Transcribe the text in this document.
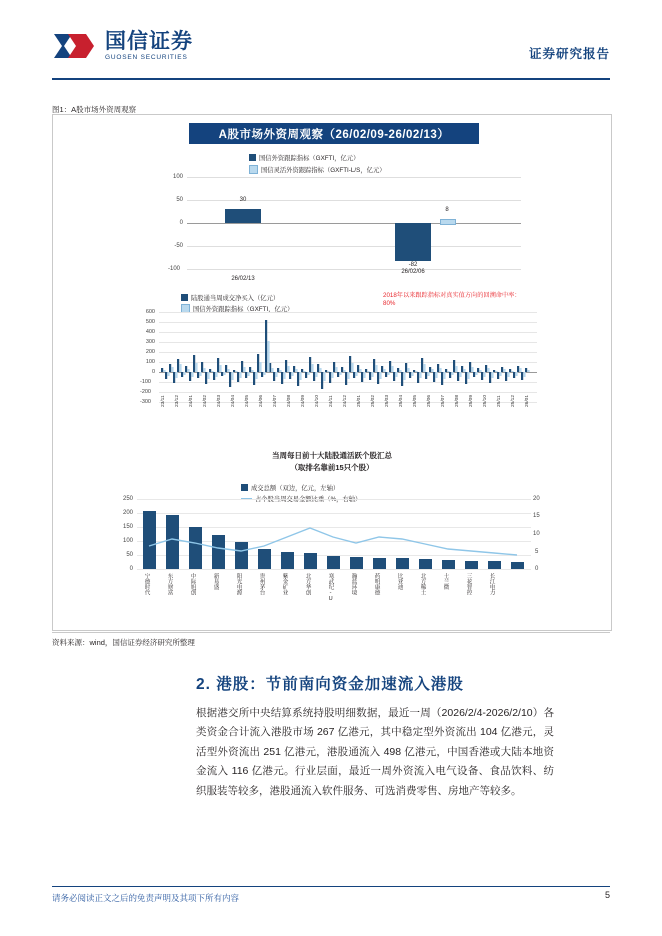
国信证券
GUOSEN SECURITIES	证券研究报告
图1：A股市场外资周观察
A股市场外资周观察（26/02/09-26/02/13）
国信外资跟踪指标（GXFTI，亿元）
国信灵活外资跟踪指标（GXFTI-L/S，亿元）
100
50
0
-50
-100
30
26/02/13
-82
8
26/02/06
陆股通当周成交净买入（亿元）
国信外资跟踪指标（GXFTI，亿元）
2018年以来跟踪指标对真实值方向的回溯命中率：80%
600
500
400
300
200
100
0
-100
-200
-300 23/11 23/12 24/01 24/02 24/03 24/04 24/05 24/06 24/07 24/08 24/09 24/10 24/11 24/12 25/01 25/02 25/03 25/04 25/05 25/06 25/07 25/08 25/09 25/10 25/11 25/12 26/01
当周每日前十大陆股通活跃个股汇总
（取排名靠前15只个股）
成交总额（双边，亿元，左轴）
占个股当周交易金额比重（%，右轴）
250
200
150
100
50
0
20
15
10
5
0
宁德时代	东方财富	中际旭创	新易盛	阳光电源	贵州茅台	紫金矿业	北方华创	寒武纪-U	瀚蓝环境	药明康德	比亚迪	北方稀土	士兰微	三花智控	长江电力
资料来源：wind，国信证券经济研究所整理
2. 港股：节前南向资金加速流入港股
根据港交所中央结算系统持股明细数据，最近一周（2026/2/4-2026/2/10）各类资金合计流入港股市场 267 亿港元，其中稳定型外资流出 104 亿港元，灵活型外资流出 251 亿港元，港股通流入 498 亿港元，中国香港或大陆本地资金流入 116 亿港元。行业层面，最近一周外资流入电气设备、食品饮料、纺织服装等较多，港股通流入软件服务、可选消费零售、房地产等较多。
请务必阅读正文之后的免责声明及其项下所有内容	5
